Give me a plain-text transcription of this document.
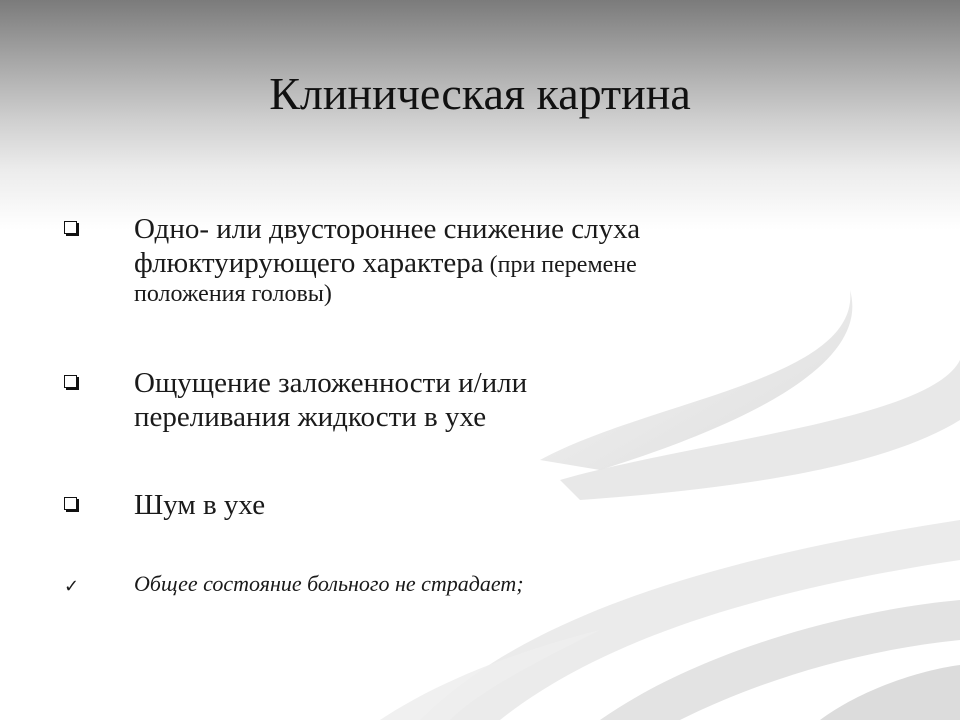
Клиническая картина
Одно- или двустороннее снижение слуха
флюктуирующего характера (при перемене
положения головы)
Ощущение заложенности и/или
переливания жидкости в ухе
Шум в ухе
✓	Общее состояние больного не страдает;
